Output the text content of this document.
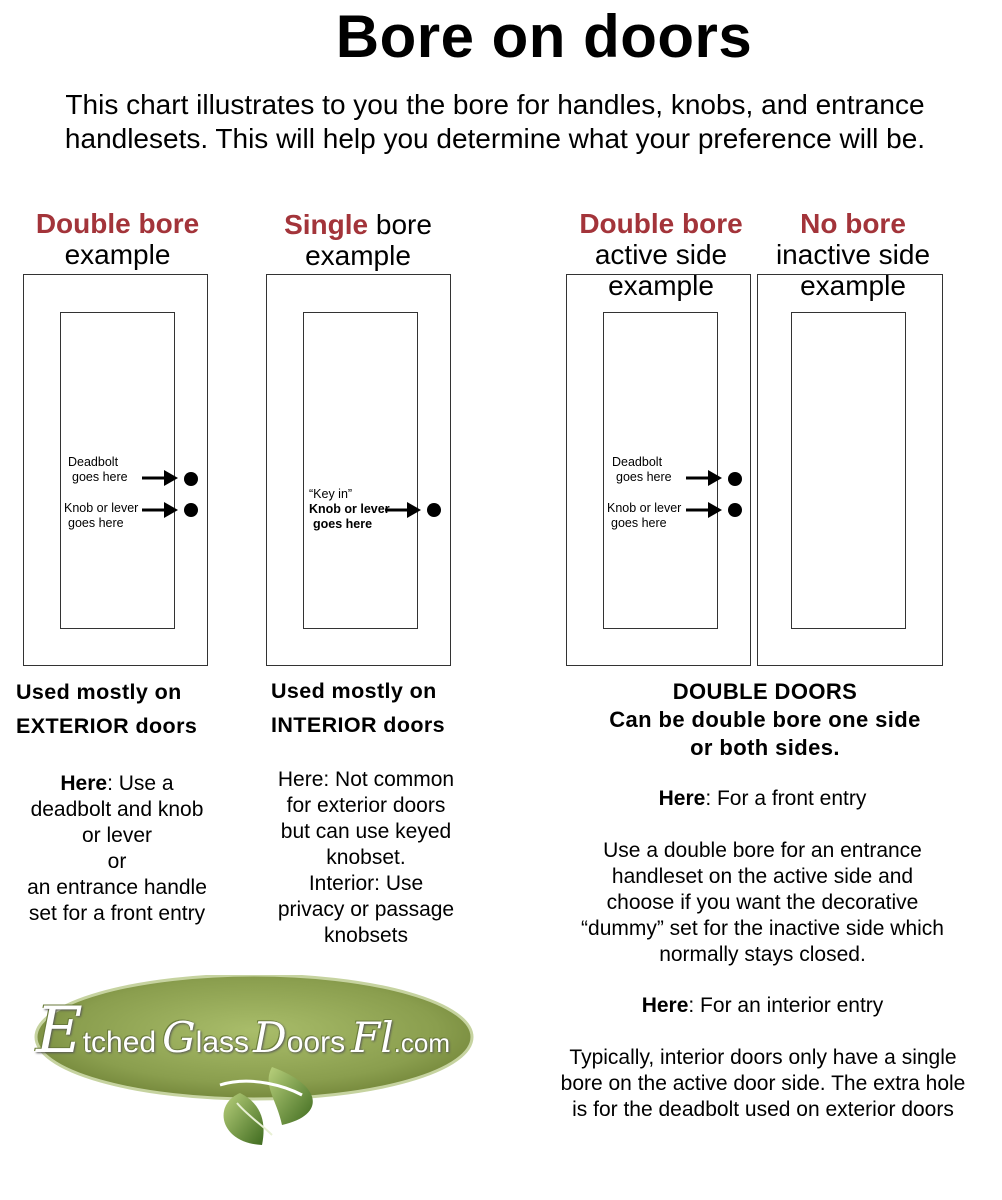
Bore on doors
This chart illustrates to you the bore for handles, knobs, and entrance handlesets. This will help you determine what your preference will be.
Double bore
example
Deadbolt
goes here
Knob or lever
goes here
Used mostly on
EXTERIOR doors
Here: Use a
deadbolt and knob
or lever
or
an entrance handle
set for a front entry
Single bore
example
“Key in”
Knob or lever
goes here
Used mostly on
INTERIOR doors
Here: Not common
for exterior doors
but can use keyed
knobset.
Interior: Use
privacy or passage
knobsets
Double bore
active side
example
Deadbolt
goes here
Knob or lever
goes here
No bore
inactive side
example
DOUBLE DOORS
Can be double bore one side
or both sides.
Here: For a front entry
Use a double bore for an entrance handleset on the active side and choose if you want the decorative “dummy” set for the inactive side which normally stays closed.
Here: For an interior entry
Typically, interior doors only have a single bore on the active door side. The extra hole is for the deadbolt used on exterior doors
Etched GlassDoors Fl.com
